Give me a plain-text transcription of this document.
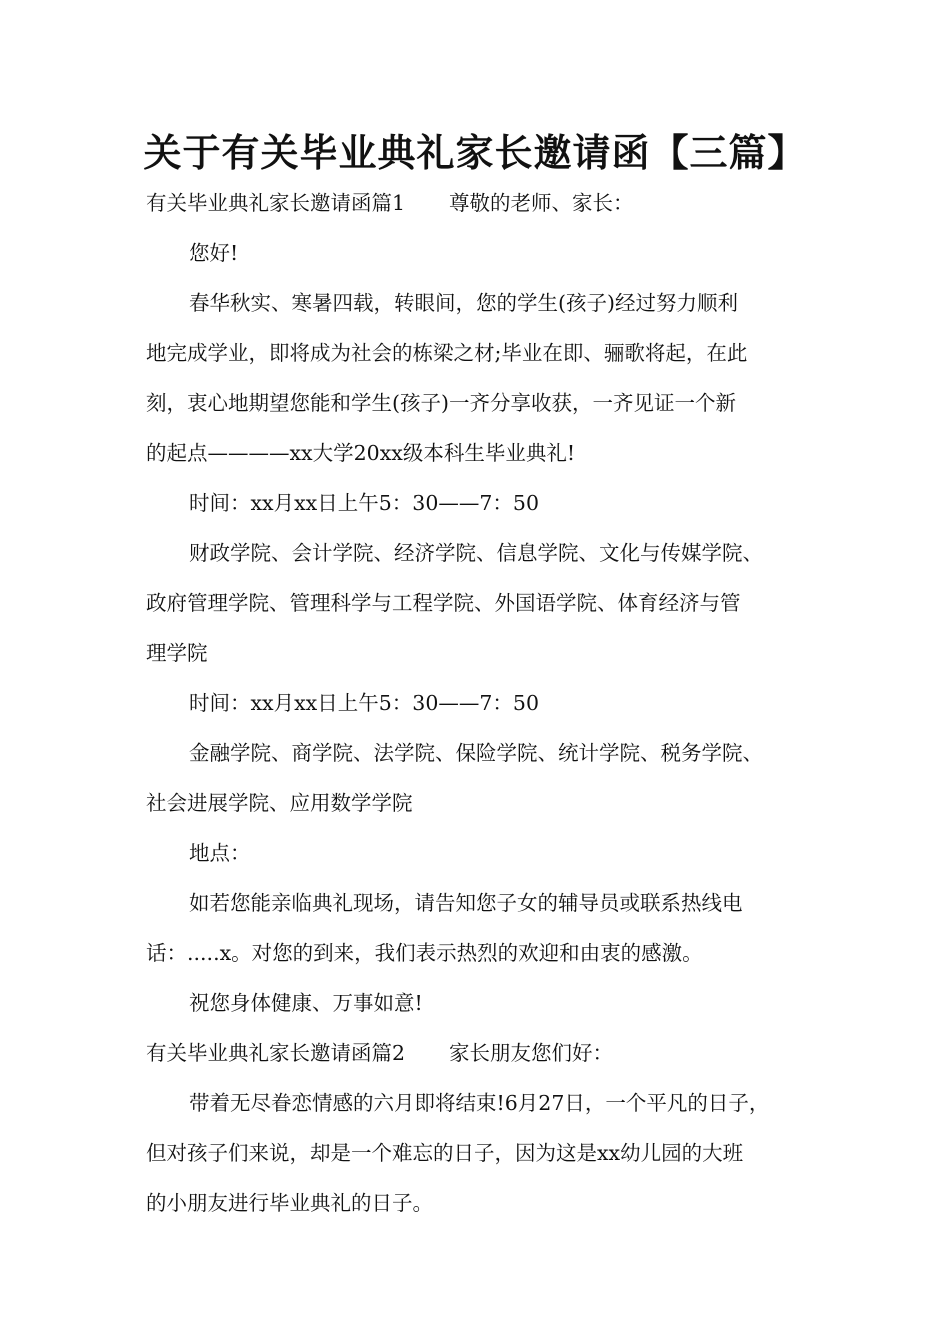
关于有关毕业典礼家长邀请函【三篇】
有关毕业典礼家长邀请函篇1 尊敬的老师、家长：
您好!
春华秋实、寒暑四载，转眼间，您的学生(孩子)经过努力顺利
地完成学业，即将成为社会的栋梁之材;毕业在即、骊歌将起，在此
刻，衷心地期望您能和学生(孩子)一齐分享收获，一齐见证一个新
的起点————xx大学20xx级本科生毕业典礼!
时间：xx月xx日上午5：30——7：50
财政学院、会计学院、经济学院、信息学院、文化与传媒学院、
政府管理学院、管理科学与工程学院、外国语学院、体育经济与管
理学院
时间：xx月xx日上午5：30——7：50
金融学院、商学院、法学院、保险学院、统计学院、税务学院、
社会进展学院、应用数学学院
地点：
如若您能亲临典礼现场，请告知您子女的辅导员或联系热线电
话：.....x。对您的到来，我们表示热烈的欢迎和由衷的感激。
祝您身体健康、万事如意!
有关毕业典礼家长邀请函篇2 家长朋友您们好：
带着无尽眷恋情感的六月即将结束!6月27日，一个平凡的日子，
但对孩子们来说，却是一个难忘的日子，因为这是xx幼儿园的大班
的小朋友进行毕业典礼的日子。
